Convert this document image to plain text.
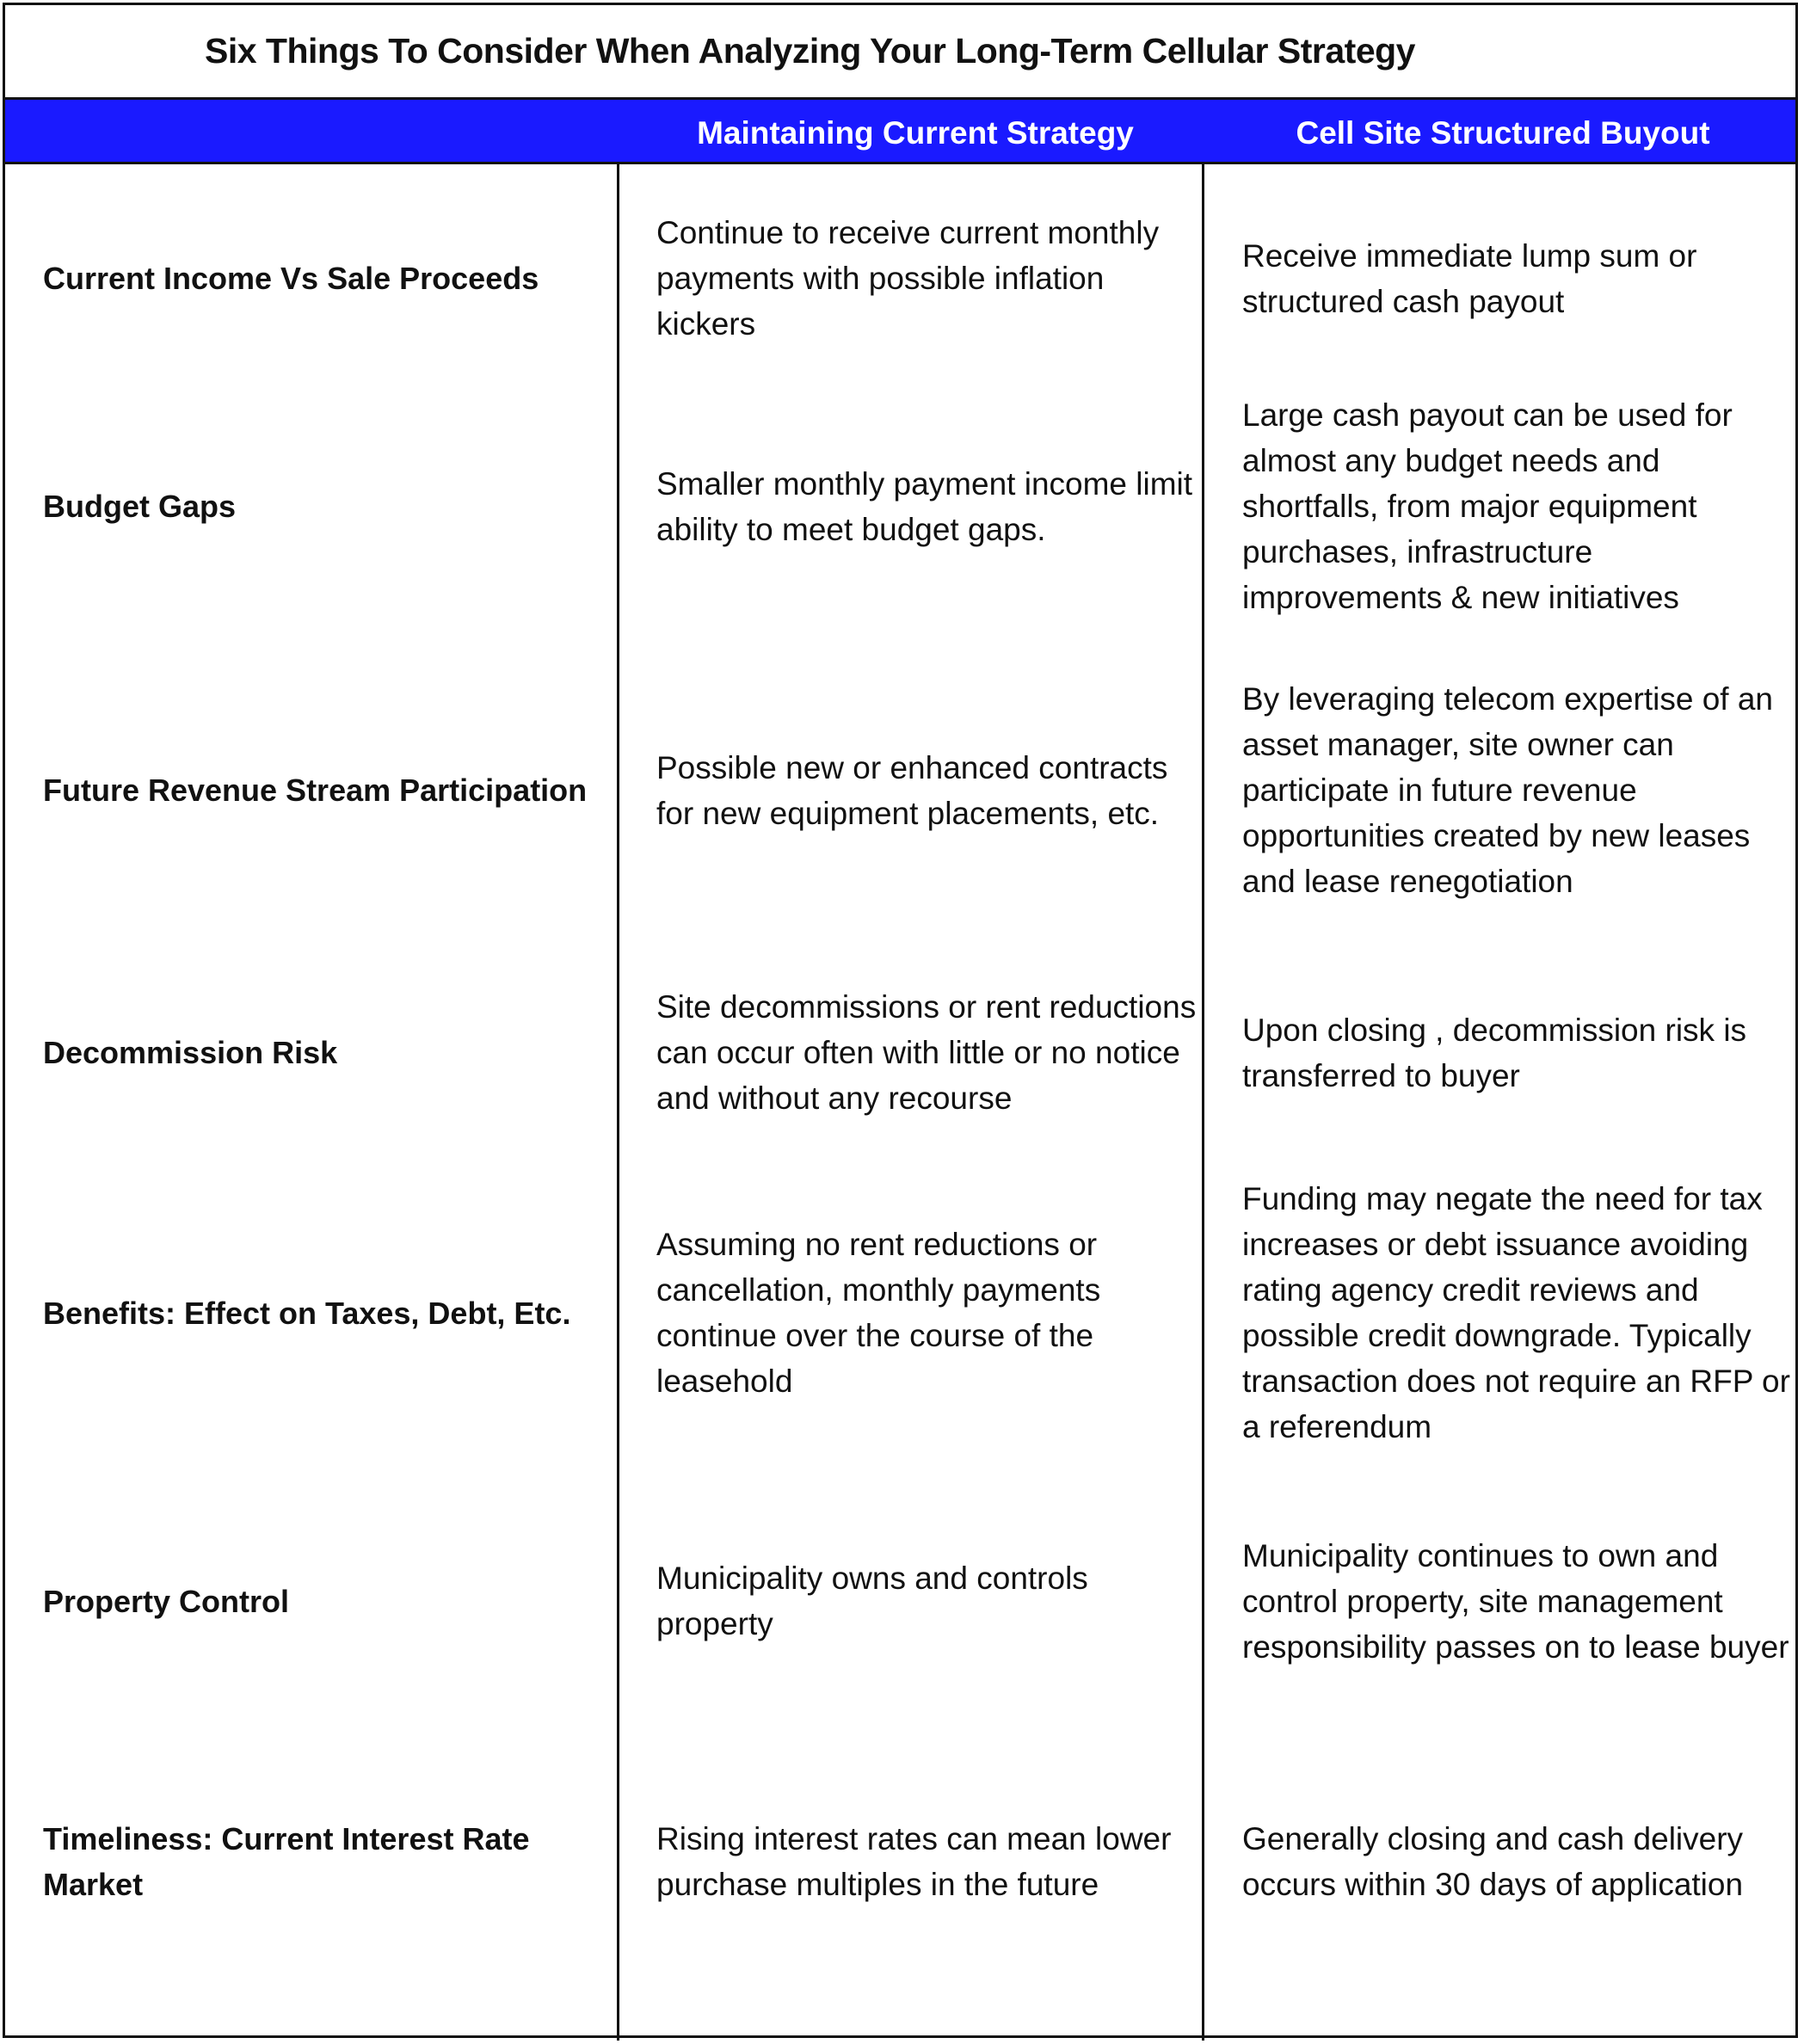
Six Things To Consider When Analyzing Your Long-Term Cellular Strategy
Maintaining Current Strategy	Cell Site Structured Buyout
Current Income Vs Sale Proceeds
Continue to receive current monthly payments with possible inflation kickers
Receive immediate lump sum or structured cash payout
Budget Gaps
Smaller monthly payment income limit ability to meet budget gaps.
Large cash payout can be used for almost any budget needs and shortfalls, from major equipment purchases, infrastructure improvements & new initiatives
Future Revenue Stream Participation
Possible new or enhanced contracts for new equipment placements, etc.
By leveraging telecom expertise of an asset manager, site owner can participate in future revenue opportunities created by new leases and lease renegotiation
Decommission Risk
Site decommissions or rent reductions can occur often with little or no notice and without any recourse
Upon closing , decommission risk is transferred to buyer
Benefits: Effect on Taxes, Debt, Etc.
Assuming no rent reductions or cancellation, monthly payments continue over the course of the leasehold
Funding may negate the need for tax increases or debt issuance avoiding rating agency credit reviews and possible credit downgrade. Typically transaction does not require an RFP or a referendum
Property Control
Municipality owns and controls property
Municipality continues to own and control property, site management responsibility passes on to lease buyer
Timeliness: Current Interest Rate Market
Rising interest rates can mean lower purchase multiples in the future
Generally closing and cash delivery occurs within 30 days of application
